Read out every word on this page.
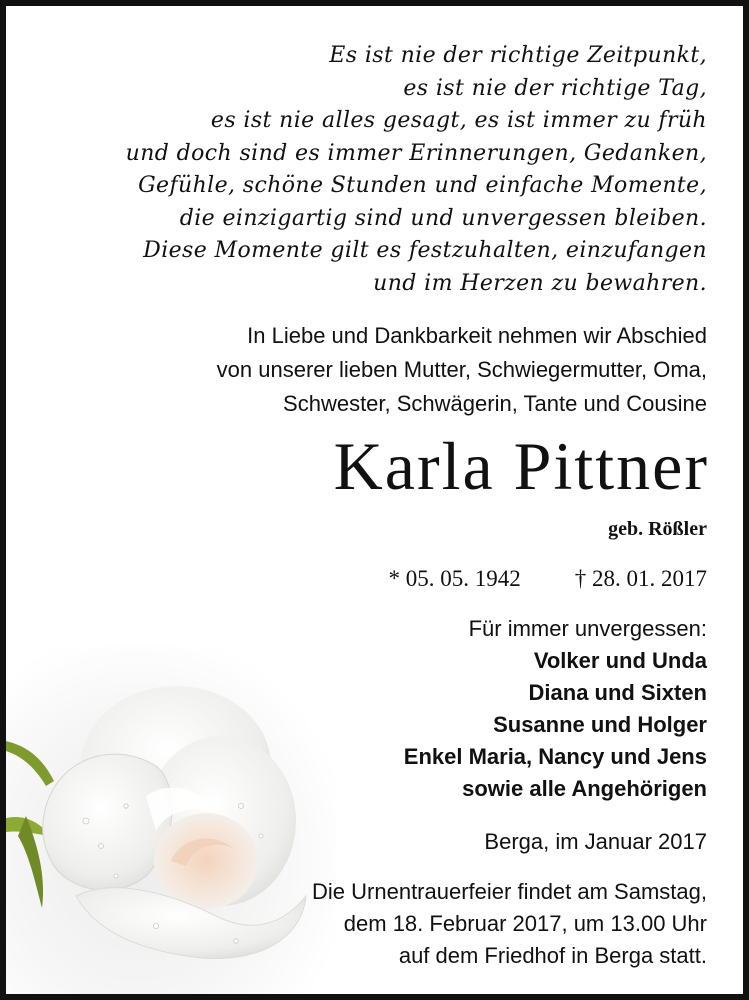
Es ist nie der richtige Zeitpunkt,
es ist nie der richtige Tag,
es ist nie alles gesagt, es ist immer zu früh
und doch sind es immer Erinnerungen, Gedanken,
Gefühle, schöne Stunden und einfache Momente,
die einzigartig sind und unvergessen bleiben.
Diese Momente gilt es festzuhalten, einzufangen
und im Herzen zu bewahren.
In Liebe und Dankbarkeit nehmen wir Abschied
von unserer lieben Mutter, Schwiegermutter, Oma,
Schwester, Schwägerin, Tante und Cousine
Karla Pittner
geb. Rößler
* 05. 05. 1942 † 28. 01. 2017
Für immer unvergessen:
Volker und Unda
Diana und Sixten
Susanne und Holger
Enkel Maria, Nancy und Jens
sowie alle Angehörigen
Berga, im Januar 2017
Die Urnentrauerfeier findet am Samstag,
dem 18. Februar 2017, um 13.00 Uhr
auf dem Friedhof in Berga statt.
